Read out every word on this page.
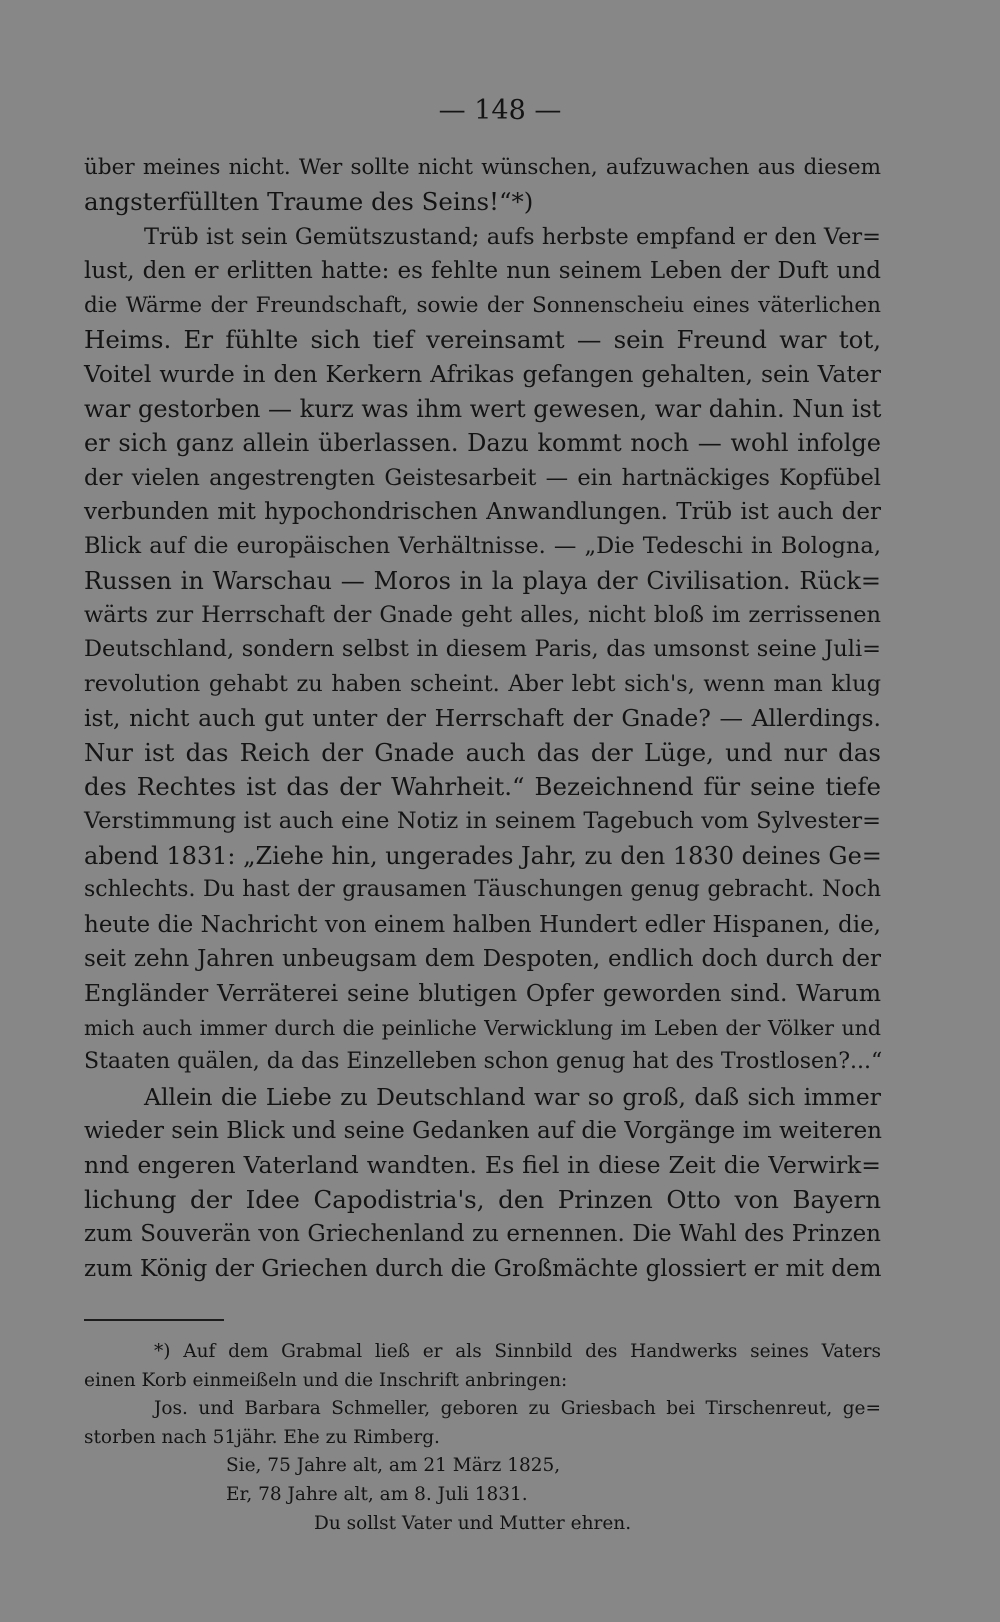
— 148 —
über meines nicht. Wer sollte nicht wünschen, aufzuwachen aus diesem
angsterfüllten Traume des Seins!“*)
Trüb ist sein Gemütszustand; aufs herbste empfand er den Ver=
lust, den er erlitten hatte: es fehlte nun seinem Leben der Duft und
die Wärme der Freundschaft, sowie der Sonnenscheiu eines väterlichen
Heims. Er fühlte sich tief vereinsamt — sein Freund war tot,
Voitel wurde in den Kerkern Afrikas gefangen gehalten, sein Vater
war gestorben — kurz was ihm wert gewesen, war dahin. Nun ist
er sich ganz allein überlassen. Dazu kommt noch — wohl infolge
der vielen angestrengten Geistesarbeit — ein hartnäckiges Kopfübel
verbunden mit hypochondrischen Anwandlungen. Trüb ist auch der
Blick auf die europäischen Verhältnisse. — „Die Tedeschi in Bologna,
Russen in Warschau — Moros in la playa der Civilisation. Rück=
wärts zur Herrschaft der Gnade geht alles, nicht bloß im zerrissenen
Deutschland, sondern selbst in diesem Paris, das umsonst seine Juli=
revolution gehabt zu haben scheint. Aber lebt sich's, wenn man klug
ist, nicht auch gut unter der Herrschaft der Gnade? — Allerdings.
Nur ist das Reich der Gnade auch das der Lüge, und nur das
des Rechtes ist das der Wahrheit.“ Bezeichnend für seine tiefe
Verstimmung ist auch eine Notiz in seinem Tagebuch vom Sylvester=
abend 1831: „Ziehe hin, ungerades Jahr, zu den 1830 deines Ge=
schlechts. Du hast der grausamen Täuschungen genug gebracht. Noch
heute die Nachricht von einem halben Hundert edler Hispanen, die,
seit zehn Jahren unbeugsam dem Despoten, endlich doch durch der
Engländer Verräterei seine blutigen Opfer geworden sind. Warum
mich auch immer durch die peinliche Verwicklung im Leben der Völker und
Staaten quälen, da das Einzelleben schon genug hat des Trostlosen?...“
Allein die Liebe zu Deutschland war so groß, daß sich immer
wieder sein Blick und seine Gedanken auf die Vorgänge im weiteren
nnd engeren Vaterland wandten. Es fiel in diese Zeit die Verwirk=
lichung der Idee Capodistria's, den Prinzen Otto von Bayern
zum Souverän von Griechenland zu ernennen. Die Wahl des Prinzen
zum König der Griechen durch die Großmächte glossiert er mit dem
*) Auf dem Grabmal ließ er als Sinnbild des Handwerks seines Vaters
einen Korb einmeißeln und die Inschrift anbringen:
Jos. und Barbara Schmeller, geboren zu Griesbach bei Tirschenreut, ge=
storben nach 51jähr. Ehe zu Rimberg.
Sie, 75 Jahre alt, am 21 März 1825,
Er, 78 Jahre alt, am 8. Juli 1831.
Du sollst Vater und Mutter ehren.
